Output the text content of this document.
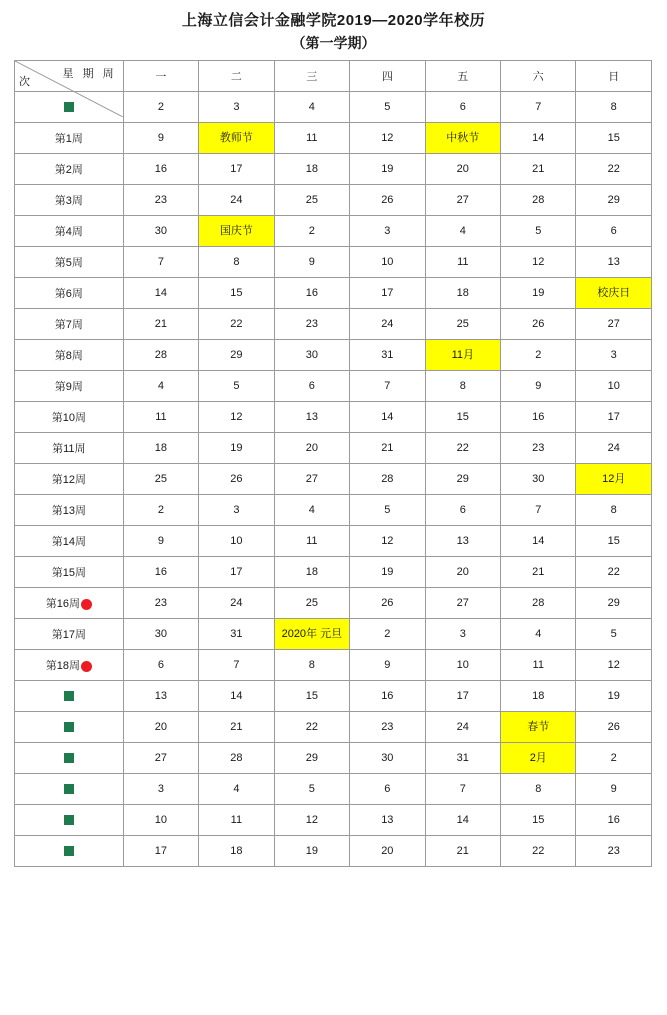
上海立信会计金融学院2019—2020学年校历
（第一学期）
星 期 周
次	一	二	三	四	五	六	日
	2	3	4	5	6	7	8
第1周	9	教师节	11	12	中秋节	14	15
第2周	16	17	18	19	20	21	22
第3周	23	24	25	26	27	28	29
第4周	30	国庆节	2	3	4	5	6
第5周	7	8	9	10	11	12	13
第6周	14	15	16	17	18	19	校庆日

第7周	21	22	23	24	25	26	27
第8周	28	29	30	31	11月	2	3
第9周	4	5	6	7	8	9	10
第10周	11	12	13	14	15	16	17
第11周	18	19	20	21	22	23	24
第12周	25	26	27	28	29	30	12月

第13周	2	3	4	5	6	7	8
第14周	9	10	11	12	13	14	15
第15周	16	17	18	19	20	21	22
第16周	23	24	25	26	27	28	29
第17周	30	31	2020年 元旦	2	3	4	5
第18周	6	7	8	9	10	11	12
	13	14	15	16	17	18	19
	20	21	22	23	24	春节	26
	27	28	29	30	31	2月	2
	3	4	5	6	7	8	9
	10	11	12	13	14	15	16
	17	18	19	20	21	22	23
